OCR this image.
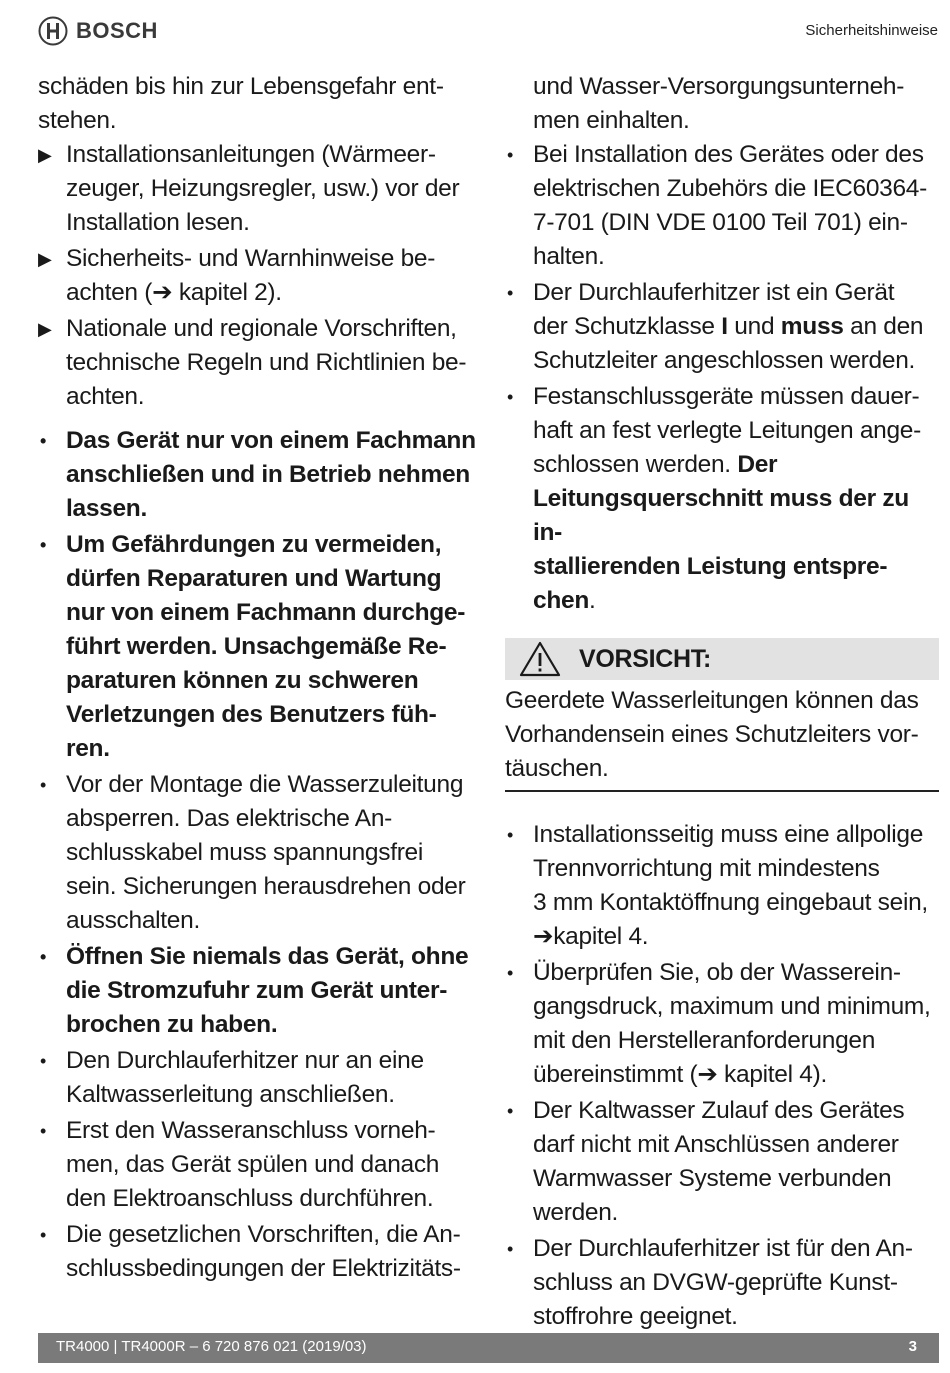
BOSCH	Sicherheitshinweise

schäden bis hin zur Lebensgefahr ent-
stehen.

▶ Installationsanleitungen (Wärmeer-
zeuger, Heizungsregler, usw.) vor der
Installation lesen.
▶ Sicherheits- und Warnhinweise be-
achten (➔ kapitel 2).
▶ Nationale und regionale Vorschriften,
technische Regeln und Richtlinien be-
achten.
• Das Gerät nur von einem Fachmann
anschließen und in Betrieb nehmen
lassen.
• Um Gefährdungen zu vermeiden,
dürfen Reparaturen und Wartung
nur von einem Fachmann durchge-
führt werden. Unsachgemäße Re-
paraturen können zu schweren
Verletzungen des Benutzers füh-
ren.
• Vor der Montage die Wasserzuleitung
absperren. Das elektrische An-
schlusskabel muss spannungsfrei
sein. Sicherungen herausdrehen oder
ausschalten.
• Öffnen Sie niemals das Gerät, ohne
die Stromzufuhr zum Gerät unter-
brochen zu haben.
• Den Durchlauferhitzer nur an eine
Kaltwasserleitung anschließen.
• Erst den Wasseranschluss vorneh-
men, das Gerät spülen und danach
den Elektroanschluss durchführen.
• Die gesetzlichen Vorschriften, die An-
schlussbedingungen der Elektrizitäts-

und Wasser-Versorgungsunterneh-
men einhalten.

• Bei Installation des Gerätes oder des
elektrischen Zubehörs die IEC60364-
7-701 (DIN VDE 0100 Teil 701) ein-
halten.
• Der Durchlauferhitzer ist ein Gerät
der Schutzklasse I und muss an den
Schutzleiter angeschlossen werden.
• Festanschlussgeräte müssen dauer-
haft an fest verlegte Leitungen ange-
schlossen werden. Der
Leitungsquerschnitt muss der zu in-
stallierenden Leistung entspre-
chen.
VORSICHT:
Geerdete Wasserleitungen können das
Vorhandensein eines Schutzleiters vor-
täuschen.
• Installationsseitig muss eine allpolige
Trennvorrichtung mit mindestens
3 mm Kontaktöffnung eingebaut sein,
➔kapitel 4.
• Überprüfen Sie, ob der Wasserein-
gangsdruck, maximum und minimum,
mit den Herstelleranforderungen
übereinstimmt (➔ kapitel 4).
• Der Kaltwasser Zulauf des Gerätes
darf nicht mit Anschlüssen anderer
Warmwasser Systeme verbunden
werden.
• Der Durchlauferhitzer ist für den An-
schluss an DVGW-geprüfte Kunst-
stoffrohre geeignet.
TR4000 | TR4000R – 6 720 876 021 (2019/03)	3
